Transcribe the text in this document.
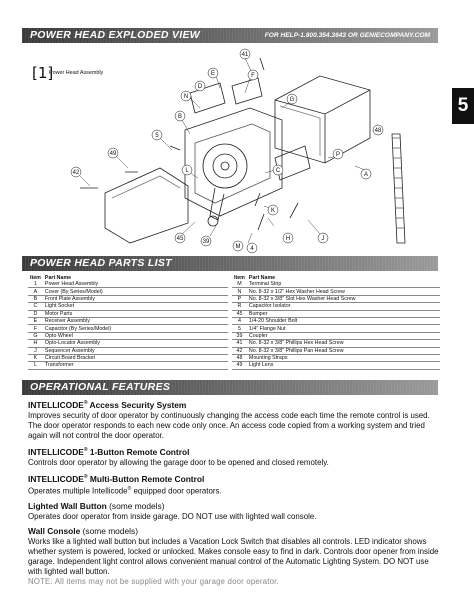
POWER HEAD EXPLODED VIEW	FOR HELP-1.800.354.3643 OR GENIECOMPANY.COM
5
[1]
Power Head Assembly
41
E	F
D
N
B
5
C
L
G
49
42
48
A
K
J
H
45	39
M 4
P
POWER HEAD PARTS LIST
Item	Part Name
1	Power Head Assembly
A	Cover (By Series/Model)
B	Front Plate Assembly
C	Light Socket
D	Motor Parts
E	Receiver Assembly
F	Capacitor (By Series/Model)
G	Opto Wheel
H	Opto-Locator Assembly
J	Sequencer Assembly
K	Circuit Board Bracket
L	Transformer
Item	Part Name
M	Terminal Strip
N	No. 8-32 x 1/2" Hex Washer Head Screw
P	No. 8-32 x 3/8" Slot Hex Washer Head Screw
R	Capacitor Isolator
45	Bumper
4	1/4-20 Shoulder Bolt
5	1/4" Flange Nut
39	Coupler
41	No. 8-32 x 3/8" Phillips Hex Head Screw
42	No. 8-32 x 3/8" Phillips Pan Head Screw
48	Mounting Straps
49	Light Lens
OPERATIONAL FEATURES
INTELLICODE® Access Security System

Improves security of door operator by continuously changing the access code each time the remote control is used. The door operator responds to each new code only once. An access code copied from a working system and tried again will not control the door operator.

INTELLICODE® 1-Button Remote Control

Controls door operator by allowing the garage door to be opened and closed remotely.

INTELLICODE® Multi-Button Remote Control

Operates multiple Intellicode® equipped door operators.

Lighted Wall Button (some models)

Operates door operator from inside garage. DO NOT use with lighted wall console.

Wall Console (some models)

Works like a lighted wall button but includes a Vacation Lock Switch that disables all controls. LED indicator shows whether system is powered, locked or unlocked. Makes console easy to find in dark. Controls door opener from inside garage. Independent light control allows convenient manual control of the Automatic Lighting System. DO NOT use with lighted wall button.

NOTE: All items may not be supplied with your garage door operator.
